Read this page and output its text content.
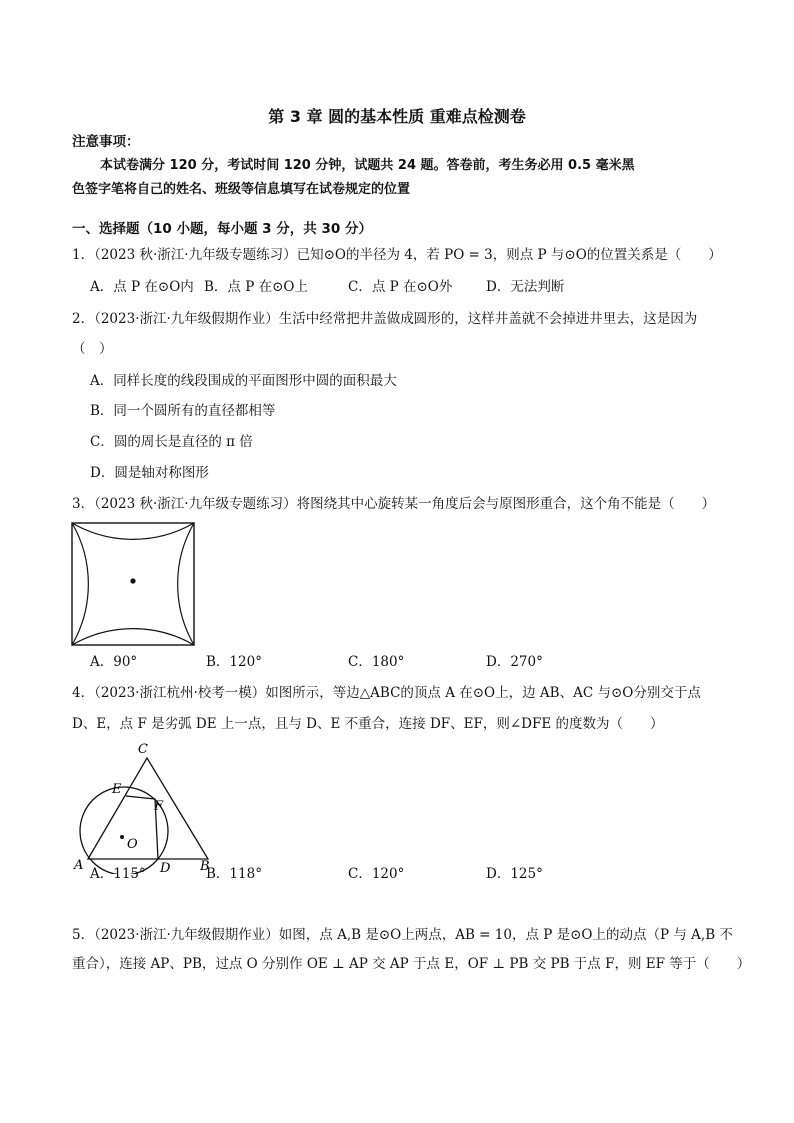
第 3 章 圆的基本性质 重难点检测卷
注意事项：
本试卷满分 120 分，考试时间 120 分钟，试题共 24 题。答卷前，考生务必用 0.5 毫米黑
色签字笔将自己的姓名、班级等信息填写在试卷规定的位置
一、选择题（10 小题，每小题 3 分，共 30 分）
1．（2023 秋·浙江·九年级专题练习）已知⊙O的半径为 4，若 PO = 3，则点 P 与⊙O的位置关系是（　　）
A．点 P 在⊙O内 B．点 P 在⊙O上	C．点 P 在⊙O外 D．无法判断
2．（2023·浙江·九年级假期作业）生活中经常把井盖做成圆形的，这样井盖就不会掉进井里去，这是因为
（　）
A．同样长度的线段围成的平面图形中圆的面积最大
B．同一个圆所有的直径都相等
C．圆的周长是直径的 π 倍
D．圆是轴对称图形
3．（2023 秋·浙江·九年级专题练习）将图绕其中心旋转某一角度后会与原图形重合，这个角不能是（　　）
A．90°	B．120°	C．180°	D．270°
4．（2023·浙江杭州·校考一模）如图所示，等边△ABC的顶点 A 在⊙O上，边 AB、AC 与⊙O分别交于点
D、E，点 F 是劣弧 DE 上一点，且与 D、E 不重合，连接 DF、EF，则∠DFE 的度数为（　　）
C
E
F
O
A	D B
A．115°	B．118°	C．120°	D．125°
5．（2023·浙江·九年级假期作业）如图，点 A,B 是⊙O上两点，AB = 10，点 P 是⊙O上的动点（P 与 A,B 不
重合），连接 AP、PB，过点 O 分别作 OE ⊥ AP 交 AP 于点 E，OF ⊥ PB 交 PB 于点 F，则 EF 等于（　　）
